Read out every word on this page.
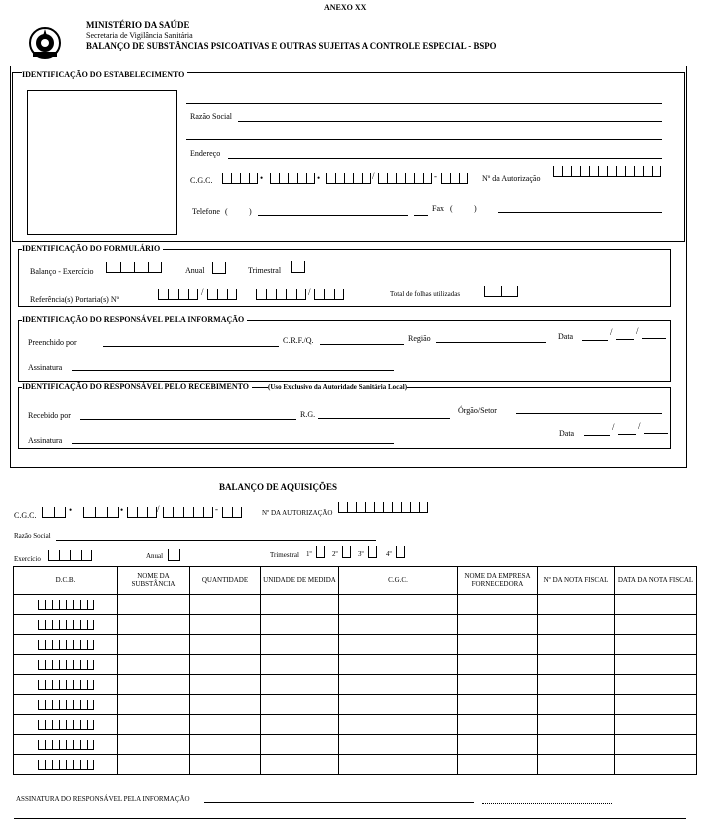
ANEXO XX
MINISTÉRIO DA SAÚDE
Secretaria de Vigilância Sanitária
BALANÇO DE SUBSTÂNCIAS PSICOATIVAS E OUTRAS SUJEITAS A CONTROLE ESPECIAL - BSPO
IDENTIFICAÇÃO DO ESTABELECIMENTO
Razão Social
Endereço
C.G.C.	•	•	/	-	Nº da Autorização
Telefone (	)	Fax (	)
IDENTIFICAÇÃO DO FORMULÁRIO
Balanço - Exercício	Anual	Trimestral
Referência(s) Portaria(s) Nº
/	/	Total de folhas utilizadas
IDENTIFICAÇÃO DO RESPONSÁVEL PELA INFORMAÇÃO
Preenchido por	C.R.F./Q.	Região	Data	/	/
Assinatura
IDENTIFICAÇÃO DO RESPONSÁVEL PELO RECEBIMENTO	(Uso Exclusivo da Autoridade Sanitária Local)
Recebido por	R.G.	Órgão/Setor
Data
/	/
Assinatura
BALANÇO DE AQUISIÇÕES
C.G.C.
•	•	/	-	Nº DA AUTORIZAÇÃO
Razão Social
Exercício	Anual	Trimestral 1º	2º	3º	4º
D.C.B.	NOME DA SUBSTÂNCIA	QUANTIDADE	UNIDADE DE MEDIDA	C.G.C.	NOME DA EMPRESA FORNECEDORA	Nº DA NOTA FISCAL	DATA DA NOTA FISCAL

ASSINATURA DO RESPONSÁVEL PELA INFORMAÇÃO
